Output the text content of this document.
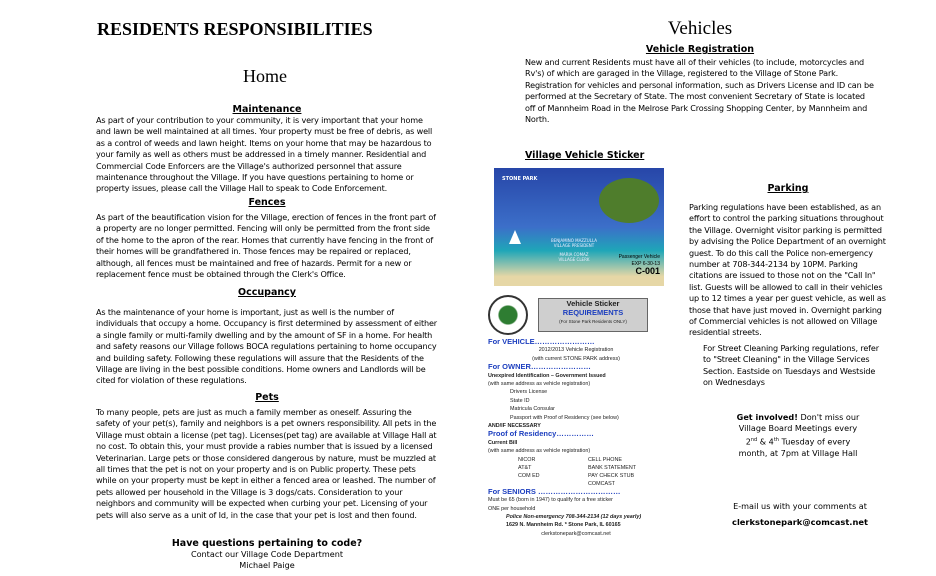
RESIDENTS RESPONSIBILITIES
Home
Maintenance

As part of your contribution to your community, it is very important that your home and lawn be well maintained at all times. Your property must be free of debris, as well as a control of weeds and lawn height. Items on your home that may be hazardous to your family as well as others must be addressed in a timely manner. Residential and Commercial Code Enforcers are the Village's authorized personnel that assure maintenance throughout the Village. If you have questions pertaining to home or property issues, please call the Village Hall to speak to Code Enforcement.

Fences

As part of the beautification vision for the Village, erection of fences in the front part of a property are no longer permitted. Fencing will only be permitted from the front side of the home to the apron of the rear. Homes that currently have fencing in the front of their homes will be grandfathered in. Those fences may be repaired or replaced, although, all fences must be maintained and free of hazards. Permit for a new or replacement fence must be obtained through the Clerk's Office.

Occupancy

As the maintenance of your home is important, just as well is the number of individuals that occupy a home. Occupancy is first determined by assessment of either a single family or multi-family dwelling and by the amount of SF in a home. For health and safety reasons our Village follows BOCA regulations pertaining to home occupancy and building safety. Following these regulations will assure that the Residents of the Village are living in the best possible conditions. Home owners and Landlords will be cited for violation of these regulations.

Pets

To many people, pets are just as much a family member as oneself. Assuring the safety of your pet(s), family and neighbors is a pet owners responsibility. All pets in the Village must obtain a license (pet tag). Licenses(pet tag) are available at Village Hall at no cost. To obtain this, your must provide a rabies number that is issued by a licensed Veterinarian. Large pets or those considered dangerous by nature, must be muzzled at all times that the pet is not on your property and is on Public property. These pets while on your property must be kept in either a fenced area or leashed. The number of pets allowed per household in the Village is 3 dogs/cats. Consideration to your neighbors and community will be expected when curbing your pet. Licensing of your pets will also serve as a unit of Id, in the case that your pet is lost and then found.

Have questions pertaining to code?
Contact our Village Code Department
Michael Paige
Vehicles
Vehicle Registration

New and current Residents must have all of their vehicles (to include, motorcycles and Rv's) of which are garaged in the Village, registered to the Village of Stone Park. Registration for vehicles and personal information, such as Drivers License and ID can be performed at the Secretary of State. The most convenient Secretary of State is located off of Mannheim Road in the Melrose Park Crossing Shopping Center, by Mannheim and North.

Village Vehicle Sticker
STONE PARK
BENJAMINO MAZZULLA
VILLAGE PRESIDENT
MARIA COMAZ
VILLAGE CLERK	Passenger Vehicle
EXP 6-30-13
C-001
Vehicle Sticker
REQUIREMENTS
(For Stone Park Residents ONLY)
For VEHICLE……………………
2012/2013 Vehicle Registration
(with current STONE PARK address)
For OWNER……………………
Unexpired Identification – Government Issued
(with same address as vehicle registration)
Drivers License
State ID
Matricula Consular
Passport with Proof of Residency (see below)
AND/IF NECESSARY
Proof of Residency……………
Current Bill
(with same address as vehicle registration)
NICOR	CELL PHONE
AT&T	BANK STATEMENT
COM ED	PAY CHECK STUB
COMCAST
For SENIORS ……………………………
Must be 65 (born in 1947) to qualify for a free sticker
ONE per household
Police Non-emergency 708-344-2134 (12 days yearly)
1629 N. Mannheim Rd. * Stone Park, IL 60165
clerkstonepark@comcast.net
Parking

Parking regulations have been established, as an effort to control the parking situations throughout the Village. Overnight visitor parking is permitted by advising the Police Department of an overnight guest. To do this call the Police non-emergency number at 708-344-2134 by 10PM. Parking citations are issued to those not on the "Call In" list. Guests will be allowed to call in their vehicles up to 12 times a year per guest vehicle, as well as those that have just moved in. Overnight parking of Commercial vehicles is not allowed on Village residential streets.

For Street Cleaning Parking regulations, refer to "Street Cleaning" in the Village Services Section. Eastside on Tuesdays and Westside on Wednesdays

Get involved! Don't miss our Village Board Meetings every 2nd & 4th Tuesday of every month, at 7pm at Village Hall
E-mail us with your comments at
clerkstonepark@comcast.net
